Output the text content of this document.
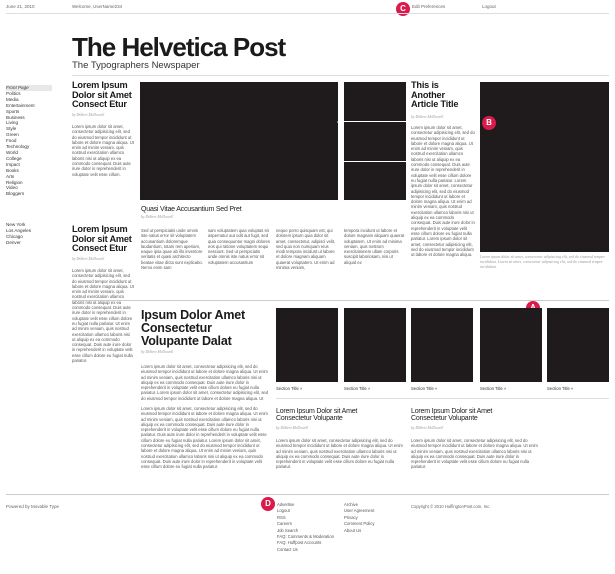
June 21, 2010	Welcome, UserName234	C	Edit Preferences	Logout
The Helvetica Post
The Typographers Newspaper
Front Page
Politics
Media
Entertainment
Sports
Business
Living
Style
Green
Food
Technology
World
College
Impact
Books
Arts
Religion
Video
Bloggers
New York
Los Angeles
Chicago
Denver
Lorem Ipsum Dolor sit Amet Consect Etur
by Dilbert McDowell
Lorem ipsum dolor sit amet, consectetur adipisicing elit, sed do eiusmod tempor incididunt ut labore et dolore magna aliqua. Ut enim ad minim veniam, quis nostrud exercitation ullamco laboris nisi ut aliquip ex ea commodo consequat. Duis aute irure dolor in reprehenderit in voluptate velit esse cillum.
Lorem Ipsum Dolor sit Amet Consect Etur
by Dilbert McDowell
Lorem ipsum dolor sit amet, consectetur adipisicing elit, sed do eiusmod tempor incididunt ut labore et dolore magna aliqua. Ut enim ad minim veniam, quis nostrud exercitation ullamco laboris nisi ut aliquip ex ea commodo consequat. Duis aute irure dolor in reprehenderit in voluptate velit esse cillum dolore eu fugiat nulla pariatur. Ut enim ad minim veniam, quis nostrud exercitation ullamco laboris nisi ut aliquip ex ea commodo consequat. Duis aute irure dolor in reprehenderit in voluptate velit esse cillum dolore eu fugiat nulla pariatur.
Quasi Vitae Accusantium Sed Pret
by Dilbert McDowell
Sed ut perspiciatis unde omnis iste natus error sit voluptatem accusantium doloremque laudantium, totam rem aperiam, eaque ipsa quae ab illo inventore veritatis et quasi architecto beatae vitae dicta sunt explicabo. Nemo enim sam
sam voluptatem quia voluptas sit aspernatur aut odit aut fugit, sed quia consequuntur magni dolores eos qui ratione voluptatem sequi nesciunt. Sed ut perspiciatis unde omnis iste natus error sit voluptatem accusantium
neque porro quisquam est, qui dolorem ipsum quia dolor sit amet, consectetur, adipisci velit, sed quia non numquam eius modi tempora incidunt ut labore et dolore magnam aliquam quaerat voluptatem. Ut enim ad minima veniam,
tempora incidunt ut labore et dolore magnam aliquam quaerat voluptatem. Ut enim ad minima veniam, quis nostrum exercitationem ullam corporis suscipit laboriosam, nisi ut aliquid ex
This is Another Article Title
by Dilbert McDowell
Lorem ipsum dolor sit amet, consectetur adipisicing elit, sed do eiusmod tempor incididunt ut labore et dolore magna aliqua. Ut enim ad minim veniam, quis nostrud exercitation ullamco laboris nisi ut aliquip ex ea commodo consequat. Duis aute irure dolor in reprehenderit in voluptate velit esse cillum dolore eu fugiat nulla pariatur. Lorem ipsum dolor sit amet, consectetur adipisicing elit, sed do eiusmod tempor incididunt ut labore et dolore magna aliqua. Ut enim ad minim veniam, quis nostrud exercitation ullamco laboris nisi ut aliquip ex ea commodo consequat. Duis aute irure dolor in reprehenderit in voluptate velit esse cillum dolore eu fugiat nulla pariatur. Lorem ipsum dolor sit amet, consectetur adipisicing elit, sed do eiusmod tempor incididunt ut labore et dolore magna aliqua.
B
Lorem ipsum dolor sit amet, consectetur adipisicing elit, sed do eiusmod tempor incididunt. Lorem sit amet, consectetur adipisicing elit, sed do eiusmod tempor incididunt.
Ipsum Dolor Amet Consectetur Volupante Dalat
by Dilbert McDowell
Lorem ipsum dolor sit amet, consectetur adipisicing elit, sed do eiusmod tempor incididunt ut labore et dolore magna aliqua. Ut enim ad minim veniam, quis nostrud exercitation ullamco laboris nisi ut aliquip ex ea commodo consequat. Duis aute irure dolor in reprehenderit in voluptate velit esse cillum dolore eu fugiat nulla pariatur. Lorem ipsum dolor sit amet, consectetur adipisicing elit, sed do eiusmod tempor incididunt ut labore et dolore magna aliqua. Ut
Lorem ipsum dolor sit amet, consectetur adipisicing elit, sed do eiusmod tempor incididunt ut labore et dolore magna aliqua. Ut enim ad minim veniam, quis nostrud exercitation ullamco laboris nisi ut aliquip ex ea commodo consequat. Duis aute irure dolor in reprehenderit in voluptate velit esse cillum dolore eu fugiat nulla pariatur. Duis aute irure dolor in reprehenderit in voluptate velit esse cillum dolore eu fugiat nulla pariatur. Lorem ipsum dolor sit amet, consectetur adipisicing elit, sed do eiusmod tempor incididunt ut labore et dolore magna aliqua. Ut enim ad minim veniam, quis nostrud exercitation ullamco laboris nisi ut aliquip ex ea commodo consequat. Duis aute irure dolor in reprehenderit in voluptate velit esse cillum dolore eu fugiat nulla pariatur.
Section Title »	Section Title »	Section Title »	Section Title »	Section Title »
Lorem Ipsum Dolor sit Amet Consectetur Volupante
by Dilbert McDowell
Lorem ipsum dolor sit amet, consectetur adipisicing elit, sed do eiusmod tempor incididunt ut labore et dolore magna aliqua. Ut enim ad minim veniam, quis nostrud exercitation ullamco laboris nisi ut aliquip ex ea commodo consequat. Duis aute irure dolor in reprehenderit in voluptate velit esse cillum dolore eu fugiat nulla pariatur.
Lorem Ipsum Dolor sit Amet Consectetur Volupante
by Dilbert McDowell
Lorem ipsum dolor sit amet, consectetur adipisicing elit, sed do eiusmod tempor incididunt ut labore et dolore magna aliqua. Ut enim ad minim veniam, quis nostrud exercitation ullamco laboris nisi ut aliquip ex ea commodo consequat. Duis aute irure dolor in reprehenderit in voluptate velit esse cillum dolore eu fugiat nulla pariatur.
Powered by Movable Type	D	Advertise
Logout
RSS
Careers
Job Search
FAQ: Comments & Moderation
FAQ: Huffpost Accounts
Contact Us
Archive
User Agreement
Privacy
Comment Policy
About Us
Copyright © 2010 HuffingtonPost.com, Inc.
